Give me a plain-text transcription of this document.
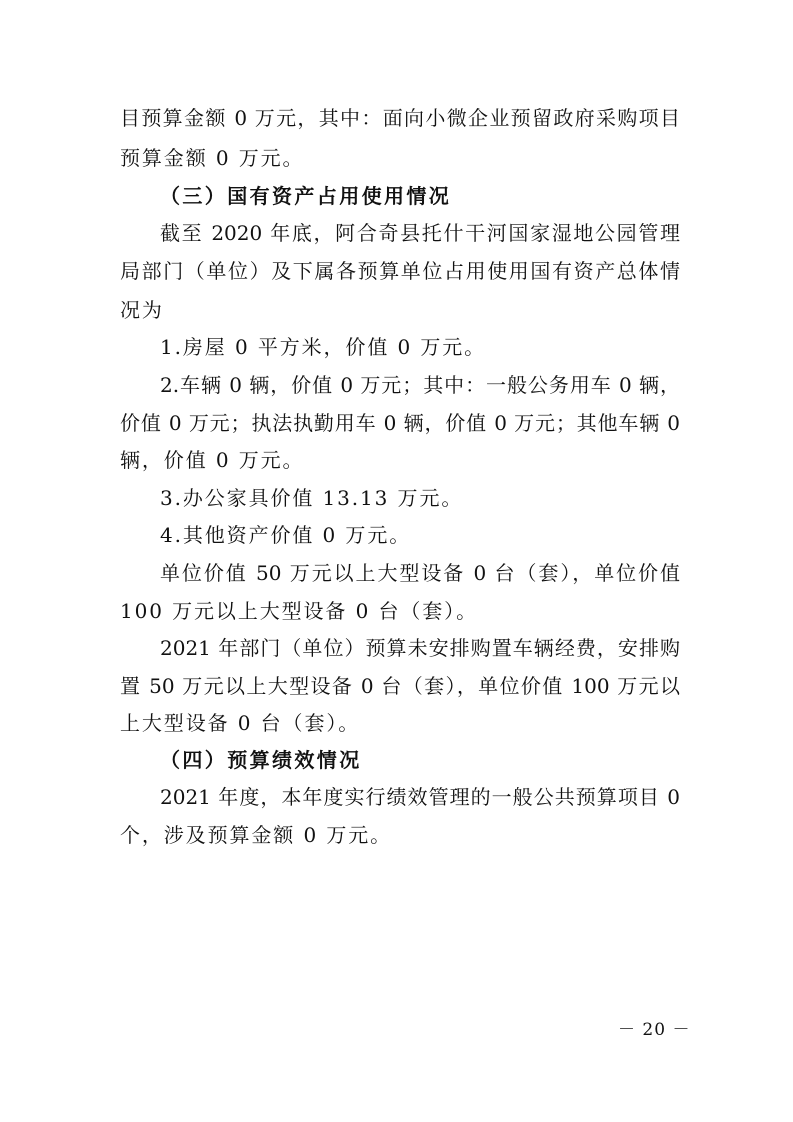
目预算金额 0 万元，其中：面向小微企业预留政府采购项目
预算金额 0 万元。
（三）国有资产占用使用情况
截至 2020 年底，阿合奇县托什干河国家湿地公园管理
局部门（单位）及下属各预算单位占用使用国有资产总体情
况为
1.房屋 0 平方米，价值 0 万元。
2.车辆 0 辆，价值 0 万元；其中：一般公务用车 0 辆，
价值 0 万元；执法执勤用车 0 辆，价值 0 万元；其他车辆 0
辆，价值 0 万元。
3.办公家具价值 13.13 万元。
4.其他资产价值 0 万元。
单位价值 50 万元以上大型设备 0 台（套），单位价值
100 万元以上大型设备 0 台（套）。
2021 年部门（单位）预算未安排购置车辆经费，安排购
置 50 万元以上大型设备 0 台（套），单位价值 100 万元以
上大型设备 0 台（套）。
（四）预算绩效情况
2021 年度，本年度实行绩效管理的一般公共预算项目 0
个，涉及预算金额 0 万元。
－ 20 －
